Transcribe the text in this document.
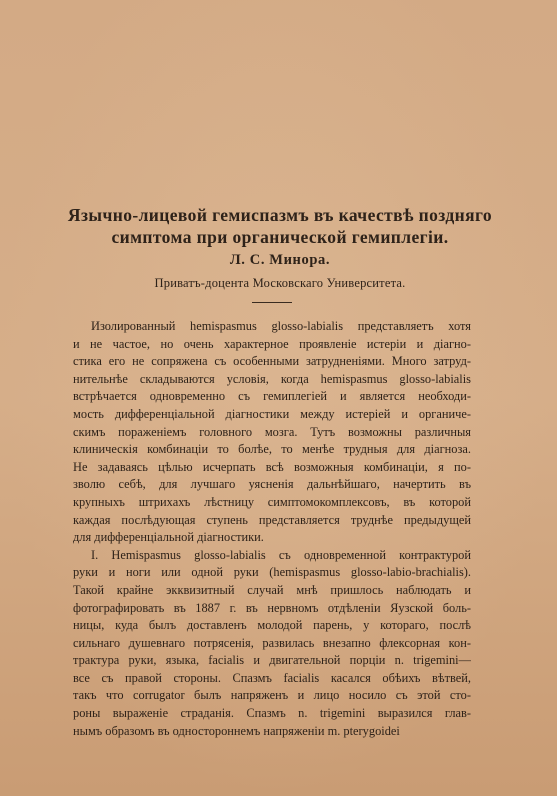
Язычно-лицевой гемиспазмъ въ качествѣ поздняго
симптома при органической гемиплегіи.
Л. С. Минора.
Приватъ-доцента Московскаго Университета.
Изолированный hemispasmus glosso-labialis представляетъ хотя
и не частое, но очень характерное проявленіе истеріи и діагно-
стика его не сопряжена съ особенными затрудненіями. Много затруд-
нительнѣе складываются условія, когда hemispasmus glosso-labialis
встрѣчается одновременно съ гемиплегіей и является необходи-
мость дифференціальной діагностики между истеріей и органиче-
скимъ пораженіемъ головного мозга. Тутъ возможны различныя
клиническія комбинаціи то болѣе, то менѣе трудныя для діагноза.
Не задаваясь цѣлью исчерпать всѣ возможныя комбинаціи, я по-
зволю себѣ, для лучшаго уясненія дальнѣйшаго, начертить въ
крупныхъ штрихахъ лѣстницу симптомокомплексовъ, въ которой
каждая послѣдующая ступень представляется труднѣе предыдущей
для дифференціальной діагностики.
I. Hemispasmus glosso-labialis съ одновременной контрактурой
руки и ноги или одной руки (hemispasmus glosso-labio-brachialis).
Такой крайне экквизитный случай мнѣ пришлось наблюдать и
фотографировать въ 1887 г. въ нервномъ отдѣленіи Яузской боль-
ницы, куда былъ доставленъ молодой парень, у котораго, послѣ
сильнаго душевнаго потрясенія, развилась внезапно флексорная кон-
трактура руки, языка, facialis и двигательной порціи n. trigemini—
все съ правой стороны. Спазмъ facialis касался обѣихъ вѣтвей,
такъ что corrugator былъ напряженъ и лицо носило съ этой сто-
роны выраженіе страданія. Спазмъ n. trigemini выразился глав-
нымъ образомъ въ одностороннемъ напряженіи m. pterygoidei
